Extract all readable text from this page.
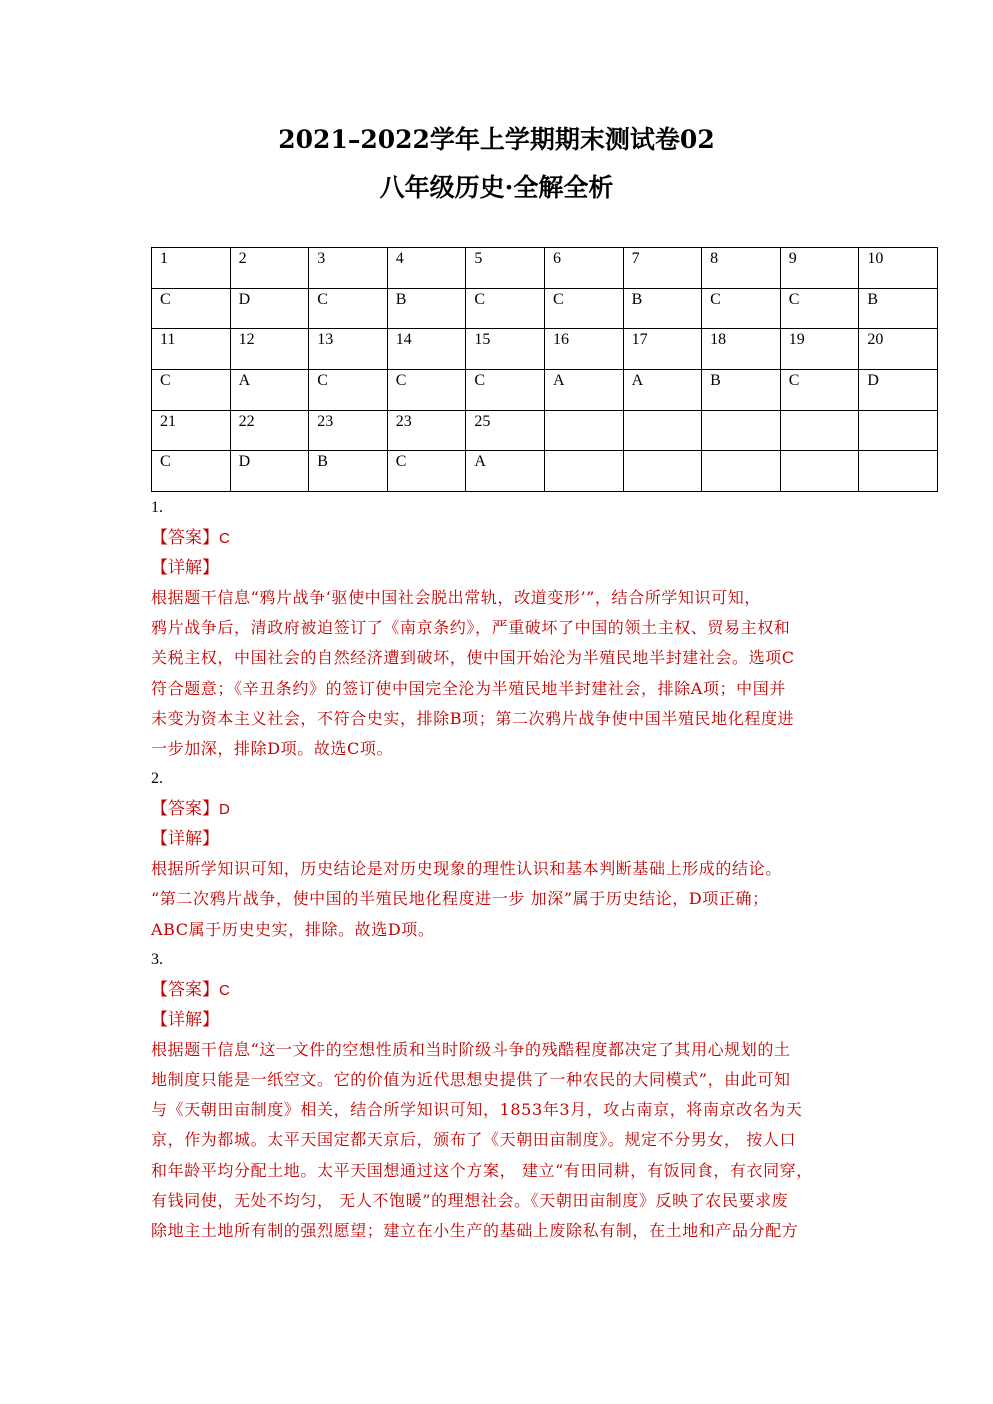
2021–2022学年上学期期末测试卷02
八年级历史·全解全析
1	2	3	4	5	6	7	8	9	10
C	D	C	B	C	C	B	C	C	B
11	12	13	14	15	16	17	18	19	20
C	A	C	C	C	A	A	B	C	D
21	22	23	23	25					
C	D	B	C	A					
1.
【答案】C
【详解】
根据题干信息“鸦片战争‘驱使中国社会脱出常轨，改道变形’”，结合所学知识可知，
鸦片战争后，清政府被迫签订了《南京条约》，严重破坏了中国的领土主权、贸易主权和
关税主权，中国社会的自然经济遭到破坏，使中国开始沦为半殖民地半封建社会。选项C
符合题意；《辛丑条约》的签订使中国完全沦为半殖民地半封建社会，排除A项；中国并
未变为资本主义社会，不符合史实，排除B项；第二次鸦片战争使中国半殖民地化程度进
一步加深，排除D项。故选C项。
2.
【答案】D
【详解】
根据所学知识可知，历史结论是对历史现象的理性认识和基本判断基础上形成的结论。
“第二次鸦片战争，使中国的半殖民地化程度进一步 加深”属于历史结论，D项正确；
ABC属于历史史实，排除。故选D项。
3.
【答案】C
【详解】
根据题干信息“这一文件的空想性质和当时阶级斗争的残酷程度都决定了其用心规划的土
地制度只能是一纸空文。它的价值为近代思想史提供了一种农民的大同模式”，由此可知
与《天朝田亩制度》相关，结合所学知识可知，1853年3月，攻占南京，将南京改名为天
京，作为都城。太平天国定都天京后，颁布了《天朝田亩制度》。规定不分男女， 按人口
和年龄平均分配土地。太平天国想通过这个方案， 建立“有田同耕，有饭同食，有衣同穿，
有钱同使，无处不均匀， 无人不饱暖”的理想社会。《天朝田亩制度》反映了农民要求废
除地主土地所有制的强烈愿望；建立在小生产的基础上废除私有制，在土地和产品分配方
